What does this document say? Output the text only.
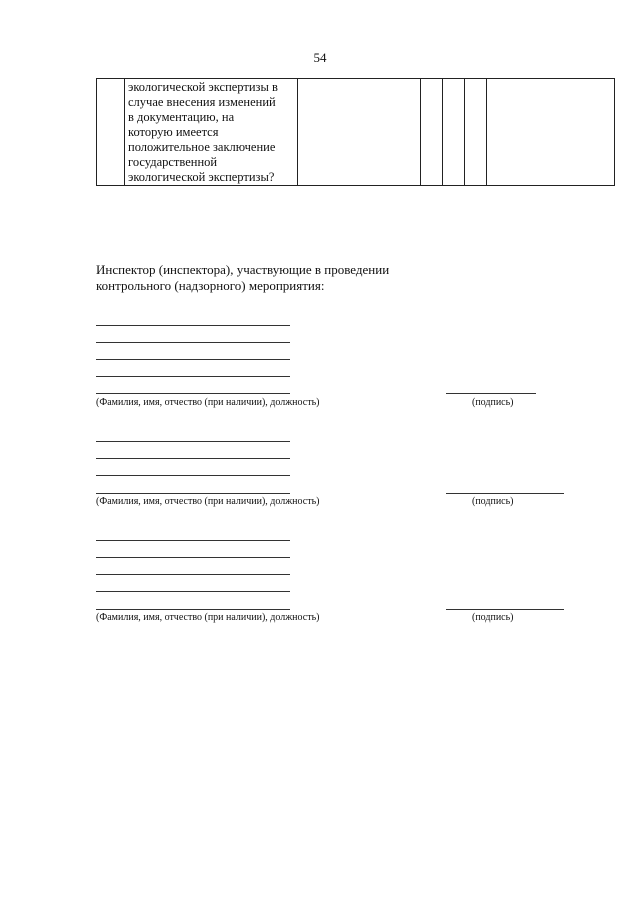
54

экологической экспертизы в
случае внесения изменений
в документацию, на
которую имеется
положительное заключение
государственной
экологической экспертизы?

Инспектор (инспектора), участвующие в проведении
контрольного (надзорного) мероприятия:
(Фамилия, имя, отчество (при наличии), должность)	(подпись)
(Фамилия, имя, отчество (при наличии), должность)	(подпись)
(Фамилия, имя, отчество (при наличии), должность)	(подпись)
